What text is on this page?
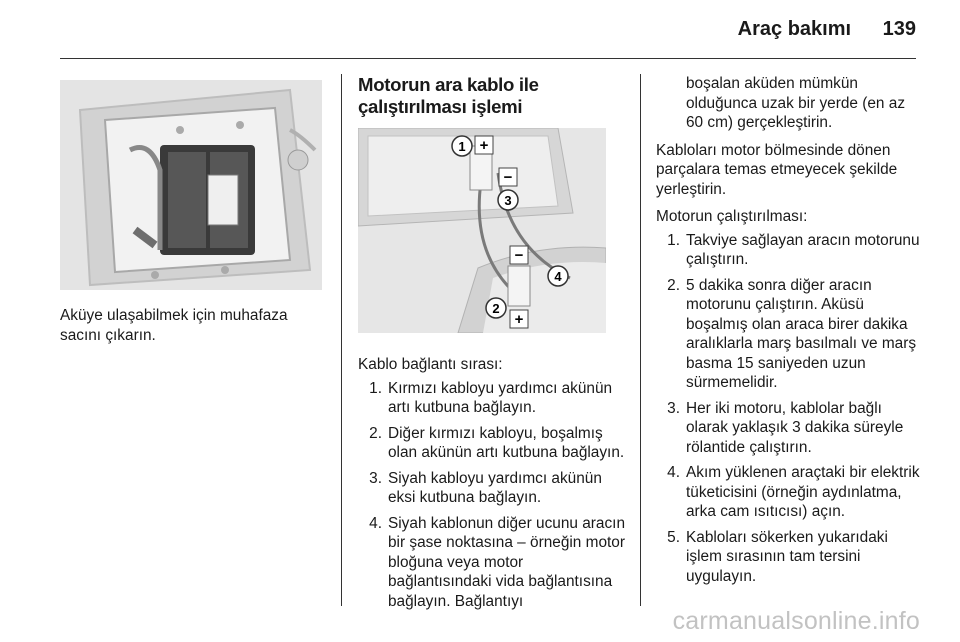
Araç bakımı 139

Aküye ulaşabilmek için muhafaza sacını çıkarın.

Motorun ara kablo ile çalıştırılması işlemi
1 +
−
3
−
4
2
+

Kablo bağlantı sırası:

1. Kırmızı kabloyu yardımcı akünün artı kutbuna bağlayın.
2. Diğer kırmızı kabloyu, boşalmış olan akünün artı kutbuna bağlayın.
3. Siyah kabloyu yardımcı akünün eksi kutbuna bağlayın.
4. Siyah kablonun diğer ucunu aracın bir şase noktasına – örneğin motor bloğuna veya motor bağlantısındaki vida bağlantısına bağlayın. Bağlantıyı

boşalan aküden mümkün olduğunca uzak bir yerde (en az 60 cm) gerçekleştirin.

Kabloları motor bölmesinde dönen parçalara temas etmeyecek şekilde yerleştirin.

Motorun çalıştırılması:

1. Takviye sağlayan aracın motorunu çalıştırın.
2. 5 dakika sonra diğer aracın motorunu çalıştırın. Aküsü boşalmış olan araca birer dakika aralıklarla marş basılmalı ve marş basma 15 saniyeden uzun sürmemelidir.
3. Her iki motoru, kablolar bağlı olarak yaklaşık 3 dakika süreyle rölantide çalıştırın.
4. Akım yüklenen araçtaki bir elektrik tüketicisini (örneğin aydınlatma, arka cam ısıtıcısı) açın.
5. Kabloları sökerken yukarıdaki işlem sırasının tam tersini uygulayın.
carmanualsonline.info
